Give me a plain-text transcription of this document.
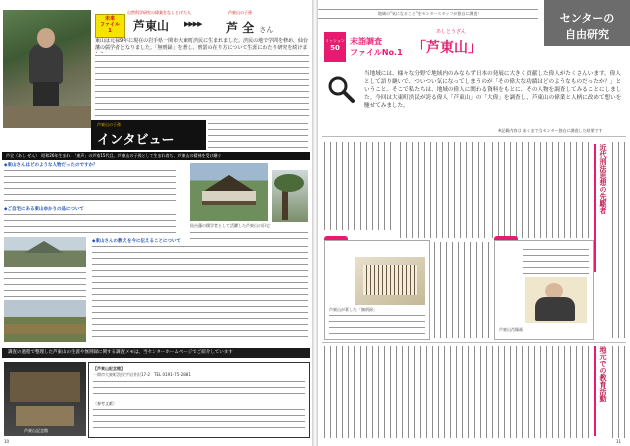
未来
ファイル
1
自然科学研究の偉業をなしとげた人	芦東山の子孫
芦東山 ▶▶▶▶ 芦 全 さん
芦東山の子孫
インタビュー
東山は元禄9年に現在の岩手県一関市大東町渋民に生まれました。渋民の地で学問を修め、仙台藩の儒学者となりました。「無刑録」を著し、刑罰の在り方について生涯にわたり研究を続けま
芦全（あし ぜん）　昭和26年生まれ　「東声」の芦家15代目。芦東山の子孫として生まれ育ち、芦東山の精神を受け継ぐ
◆東山さんはどのような人物だったのですか？
◆ご自宅にある東山ゆかりの品について
仙台藩の儒学者として活躍した芦東山の旧宅
◆東山さんの教えを今に伝えることについて
調査の過程で整理した芦東山の生涯や無刑録に関する調査メモは、当センターホームページでご紹介しています
芦東山記念館
【芦東山記念館】
一関市大東町渋民字岩井沢17-2　TEL 0191-75-2881
〈参考文献〉
10
地域の"気になること"をセンタースタッフが独自に調査！	センターの
自由研究
ミッション
50
末詣調査
ファイルNo.1
あしとうざん
「芦東山」
当地域には、様々な分野で地域内のみならず日本の発展に大きく貢献した偉人がたくさんいます。偉人として語り継いで、ついつい気になってしまうのが「その偉大な功績はどのようなものだったか？」ということ。そこで私たちは、地域の偉人に関わる資料をもとに、その人物を調査してみることにしました。今回は大東町渋民が誇る偉人「芦東山」の「大偉」を調査し、芦東山の偉業と人柄に改めて想いを馳せてみました。
※記載内容は あくまで当センター独自に調査した結果です
近代刑法思想の先駆者
芦東山が著した「無刑録」
芦東山肖像画
地元での教育活動
11
